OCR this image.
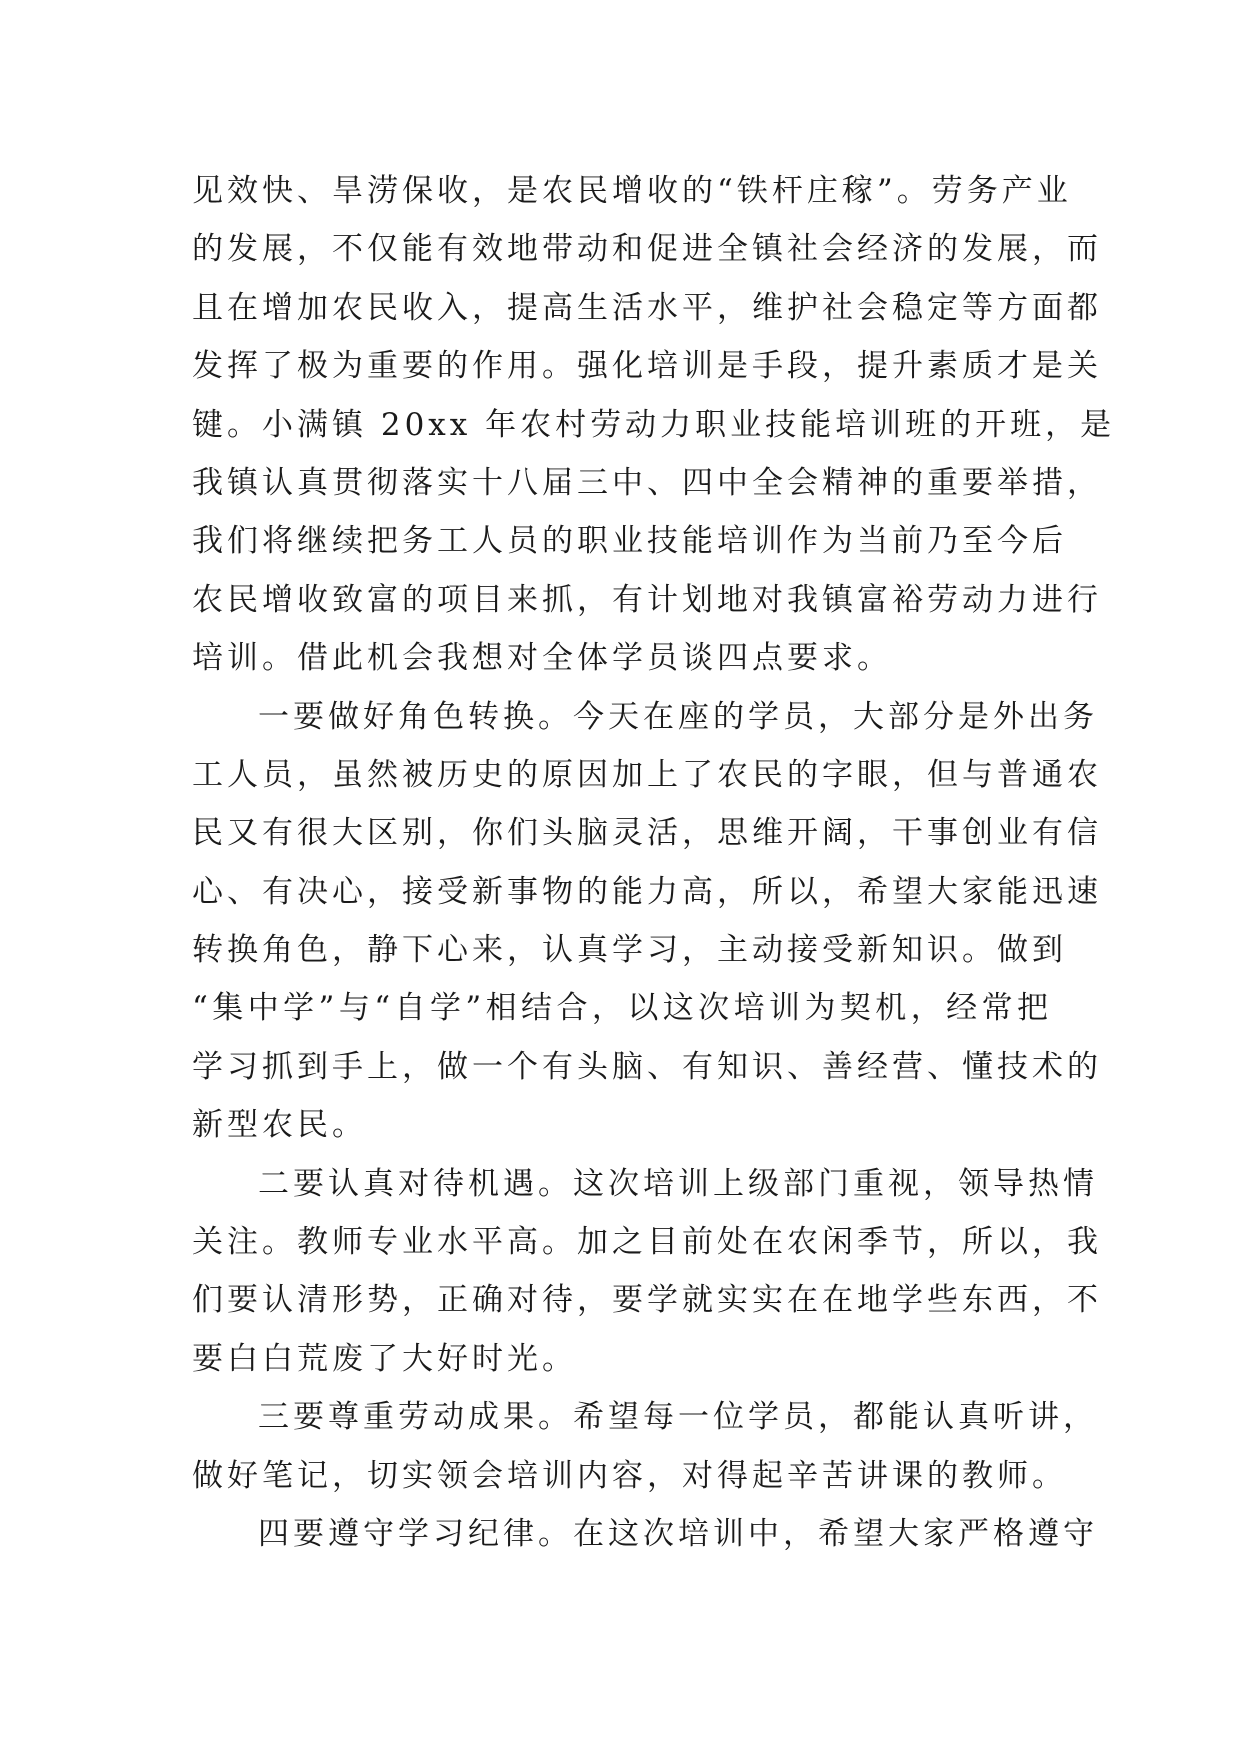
见效快、旱涝保收，是农民增收的“铁杆庄稼”。劳务产业
的发展，不仅能有效地带动和促进全镇社会经济的发展，而
且在增加农民收入，提高生活水平，维护社会稳定等方面都
发挥了极为重要的作用。强化培训是手段，提升素质才是关
键。小满镇 20xx 年农村劳动力职业技能培训班的开班，是
我镇认真贯彻落实十八届三中、四中全会精神的重要举措，
我们将继续把务工人员的职业技能培训作为当前乃至今后
农民增收致富的项目来抓，有计划地对我镇富裕劳动力进行
培训。借此机会我想对全体学员谈四点要求。
一要做好角色转换。今天在座的学员，大部分是外出务
工人员，虽然被历史的原因加上了农民的字眼，但与普通农
民又有很大区别，你们头脑灵活，思维开阔，干事创业有信
心、有决心，接受新事物的能力高，所以，希望大家能迅速
转换角色，静下心来，认真学习，主动接受新知识。做到
“集中学”与“自学”相结合，以这次培训为契机，经常把
学习抓到手上，做一个有头脑、有知识、善经营、懂技术的
新型农民。
二要认真对待机遇。这次培训上级部门重视，领导热情
关注。教师专业水平高。加之目前处在农闲季节，所以，我
们要认清形势，正确对待，要学就实实在在地学些东西，不
要白白荒废了大好时光。
三要尊重劳动成果。希望每一位学员，都能认真听讲，
做好笔记，切实领会培训内容，对得起辛苦讲课的教师。
四要遵守学习纪律。在这次培训中，希望大家严格遵守
